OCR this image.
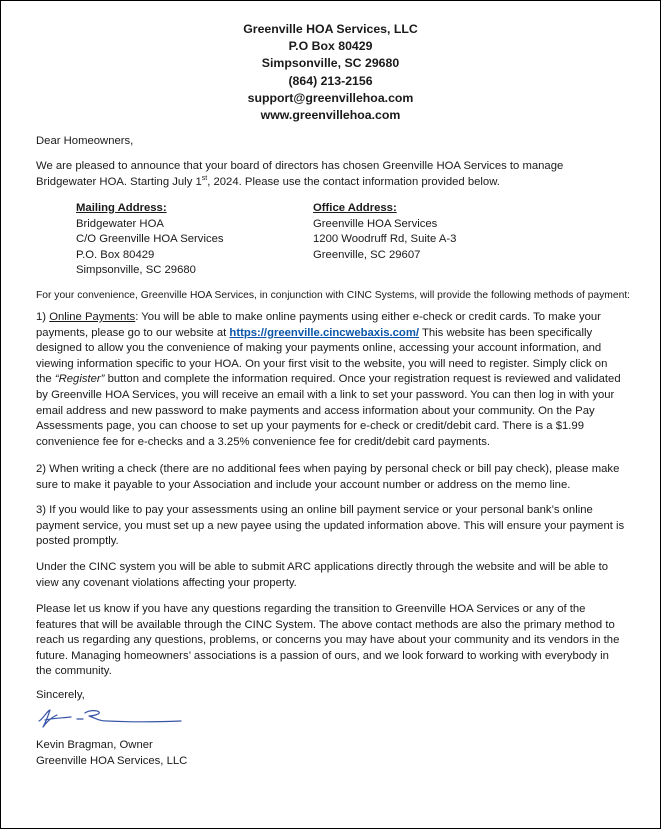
Greenville HOA Services, LLC
P.O Box 80429
Simpsonville, SC 29680
(864) 213-2156
support@greenvillehoa.com
www.greenvillehoa.com
Dear Homeowners,

We are pleased to announce that your board of directors has chosen Greenville HOA Services to manage Bridgewater HOA. Starting July 1st, 2024. Please use the contact information provided below.

Mailing Address:
Bridgewater HOA
C/O Greenville HOA Services
P.O. Box 80429
Simpsonville, SC 29680
Office Address:
Greenville HOA Services
1200 Woodruff Rd, Suite A-3
Greenville, SC 29607
For your convenience, Greenville HOA Services, in conjunction with CINC Systems, will provide the following methods of payment:

1) Online Payments: You will be able to make online payments using either e-check or credit cards. To make your payments, please go to our website at https://greenville.cincwebaxis.com/ This website has been specifically designed to allow you the convenience of making your payments online, accessing your account information, and viewing information specific to your HOA. On your first visit to the website, you will need to register. Simply click on the “Register” button and complete the information required. Once your registration request is reviewed and validated by Greenville HOA Services, you will receive an email with a link to set your password. You can then log in with your email address and new password to make payments and access information about your community. On the Pay Assessments page, you can choose to set up your payments for e-check or credit/debit card. There is a $1.99 convenience fee for e-checks and a 3.25% convenience fee for credit/debit card payments.

2) When writing a check (there are no additional fees when paying by personal check or bill pay check), please make sure to make it payable to your Association and include your account number or address on the memo line.

3) If you would like to pay your assessments using an online bill payment service or your personal bank’s online payment service, you must set up a new payee using the updated information above. This will ensure your payment is posted promptly.

Under the CINC system you will be able to submit ARC applications directly through the website and will be able to view any covenant violations affecting your property.

Please let us know if you have any questions regarding the transition to Greenville HOA Services or any of the features that will be available through the CINC System. The above contact methods are also the primary method to reach us regarding any questions, problems, or concerns you may have about your community and its vendors in the future. Managing homeowners’ associations is a passion of ours, and we look forward to working with everybody in the community.

Sincerely,
Kevin Bragman, Owner
Greenville HOA Services, LLC
